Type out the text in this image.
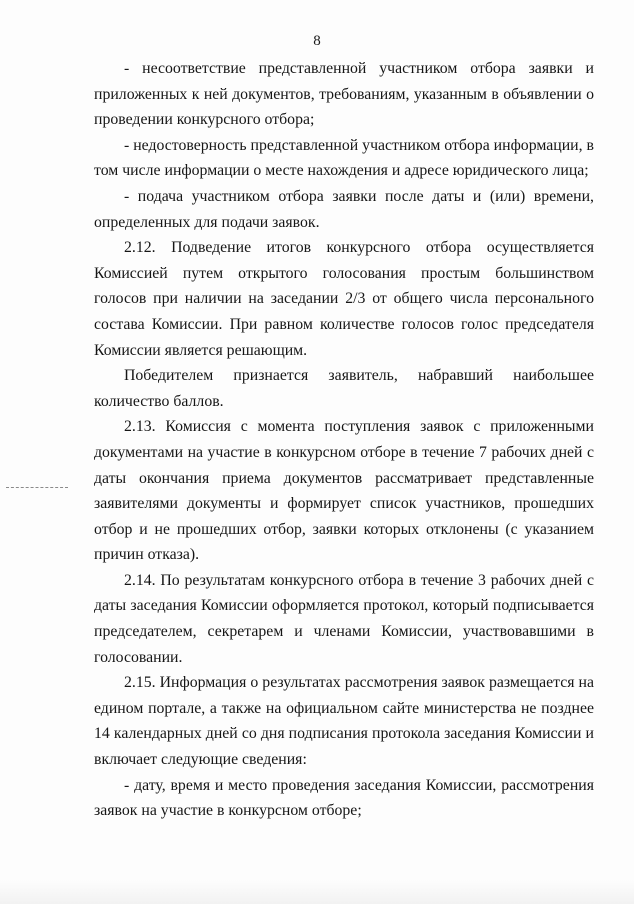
8

- несоответствие представленной участником отбора заявки и приложенных к ней документов, требованиям, указанным в объявлении о проведении конкурсного отбора;

- недостоверность представленной участником отбора информации, в том числе информации о месте нахождения и адресе юридического лица;

- подача участником отбора заявки после даты и (или) времени, определенных для подачи заявок.

2.12. Подведение итогов конкурсного отбора осуществляется Комиссией путем открытого голосования простым большинством голосов при наличии на заседании 2/3 от общего числа персонального состава Комиссии. При равном количестве голосов голос председателя Комиссии является решающим.

Победителем признается заявитель, набравший наибольшее количество баллов.

2.13. Комиссия с момента поступления заявок с приложенными документами на участие в конкурсном отборе в течение 7 рабочих дней с даты окончания приема документов рассматривает представленные заявителями документы и формирует список участников, прошедших отбор и не прошедших отбор, заявки которых отклонены (с указанием причин отказа).

2.14. По результатам конкурсного отбора в течение 3 рабочих дней с даты заседания Комиссии оформляется протокол, который подписывается председателем, секретарем и членами Комиссии, участвовавшими в голосовании.

2.15. Информация о результатах рассмотрения заявок размещается на едином портале, а также на официальном сайте министерства не позднее 14 календарных дней со дня подписания протокола заседания Комиссии и включает следующие сведения:

- дату, время и место проведения заседания Комиссии, рассмотрения заявок на участие в конкурсном отборе;
